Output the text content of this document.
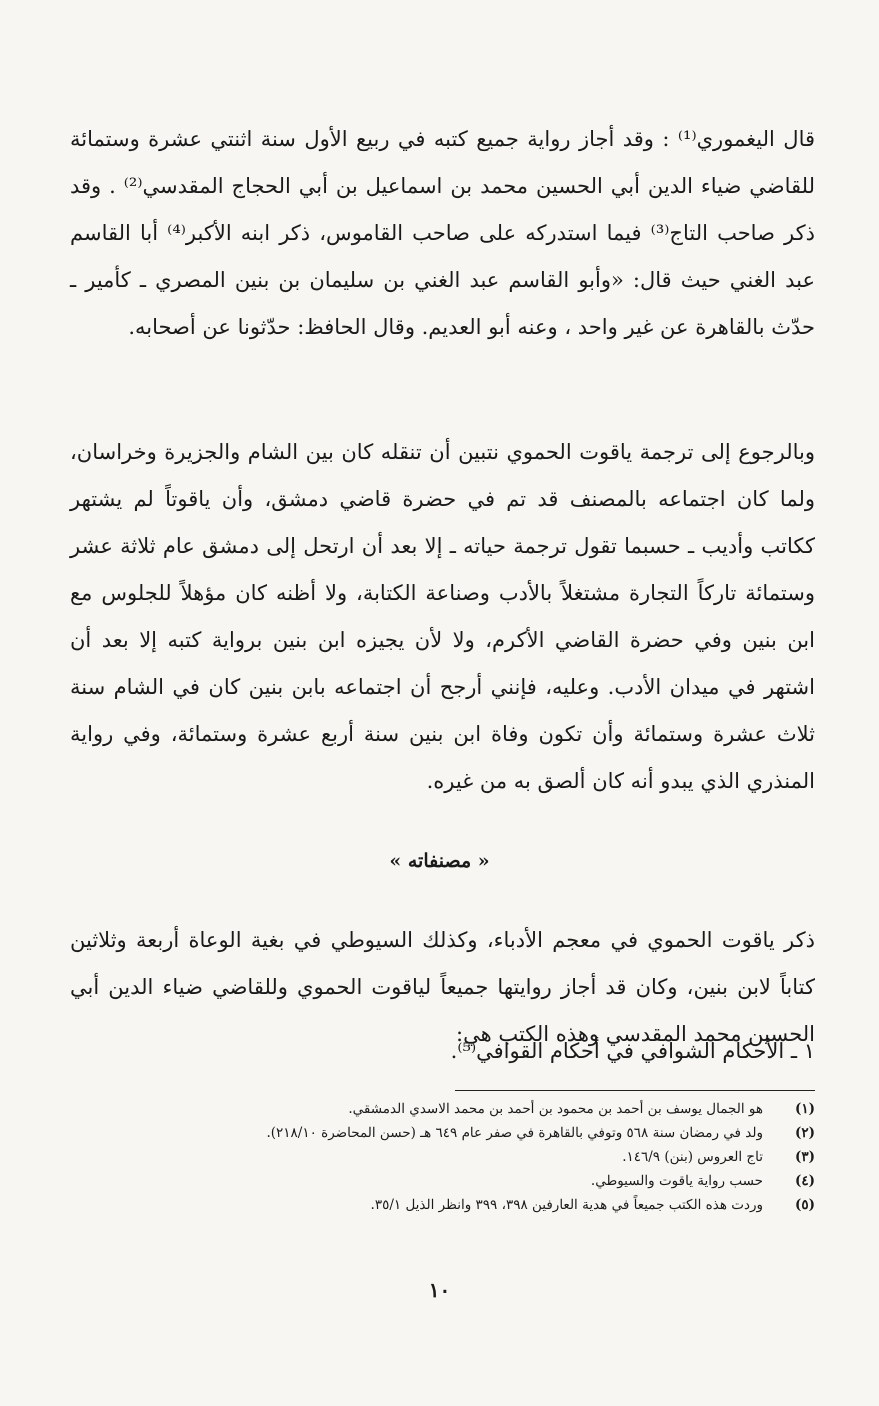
قال اليغموري⁽¹⁾ : وقد أجاز رواية جميع كتبه في ربيع الأول سنة اثنتي عشرة وستمائة للقاضي ضياء الدين أبي الحسين محمد بن اسماعيل بن أبي الحجاج المقدسي⁽²⁾ . وقد ذكر صاحب التاج⁽³⁾ فيما استدركه على صاحب القاموس، ذكر ابنه الأكبر⁽⁴⁾ أبا القاسم عبد الغني حيث قال: «وأبو القاسم عبد الغني بن سليمان بن بنين المصري ـ كأمير ـ حدّث بالقاهرة عن غير واحد ، وعنه أبو العديم. وقال الحافظ: حدّثونا عن أصحابه.

وبالرجوع إلى ترجمة ياقوت الحموي نتبين أن تنقله كان بين الشام والجزيرة وخراسان، ولما كان اجتماعه بالمصنف قد تم في حضرة قاضي دمشق، وأن ياقوتاً لم يشتهر ككاتب وأديب ـ حسبما تقول ترجمة حياته ـ إلا بعد أن ارتحل إلى دمشق عام ثلاثة عشر وستمائة تاركاً التجارة مشتغلاً بالأدب وصناعة الكتابة، ولا أظنه كان مؤهلاً للجلوس مع ابن بنين وفي حضرة القاضي الأكرم، ولا لأن يجيزه ابن بنين برواية كتبه إلا بعد أن اشتهر في ميدان الأدب. وعليه، فإنني أرجح أن اجتماعه بابن بنين كان في الشام سنة ثلاث عشرة وستمائة وأن تكون وفاة ابن بنين سنة أربع عشرة وستمائة، وفي رواية المنذري الذي يبدو أنه كان ألصق به من غيره.

« مصنفاته »

ذكر ياقوت الحموي في معجم الأدباء، وكذلك السيوطي في بغية الوعاة أربعة وثلاثين كتاباً لابن بنين، وكان قد أجاز روايتها جميعاً لياقوت الحموي وللقاضي ضياء الدين أبي الحسين محمد المقدسي وهذه الكتب هي:

١ ـ الأحكام الشوافي في أحكام القوافي⁽⁵⁾.
(١)هو الجمال يوسف بن أحمد بن محمود بن أحمد بن محمد الاسدي الدمشقي.
(٢)ولد في رمضان سنة ٥٦٨ وتوفي بالقاهرة في صفر عام ٦٤٩ هـ (حسن المحاضرة ٢١٨/١٠).
(٣)تاج العروس (بنن) ١٤٦/٩.
(٤)حسب رواية ياقوت والسيوطي.
(٥)وردت هذه الكتب جميعاً في هدية العارفين ٣٩٨، ٣٩٩ وانظر الذيل ٣٥/١.
١٠
